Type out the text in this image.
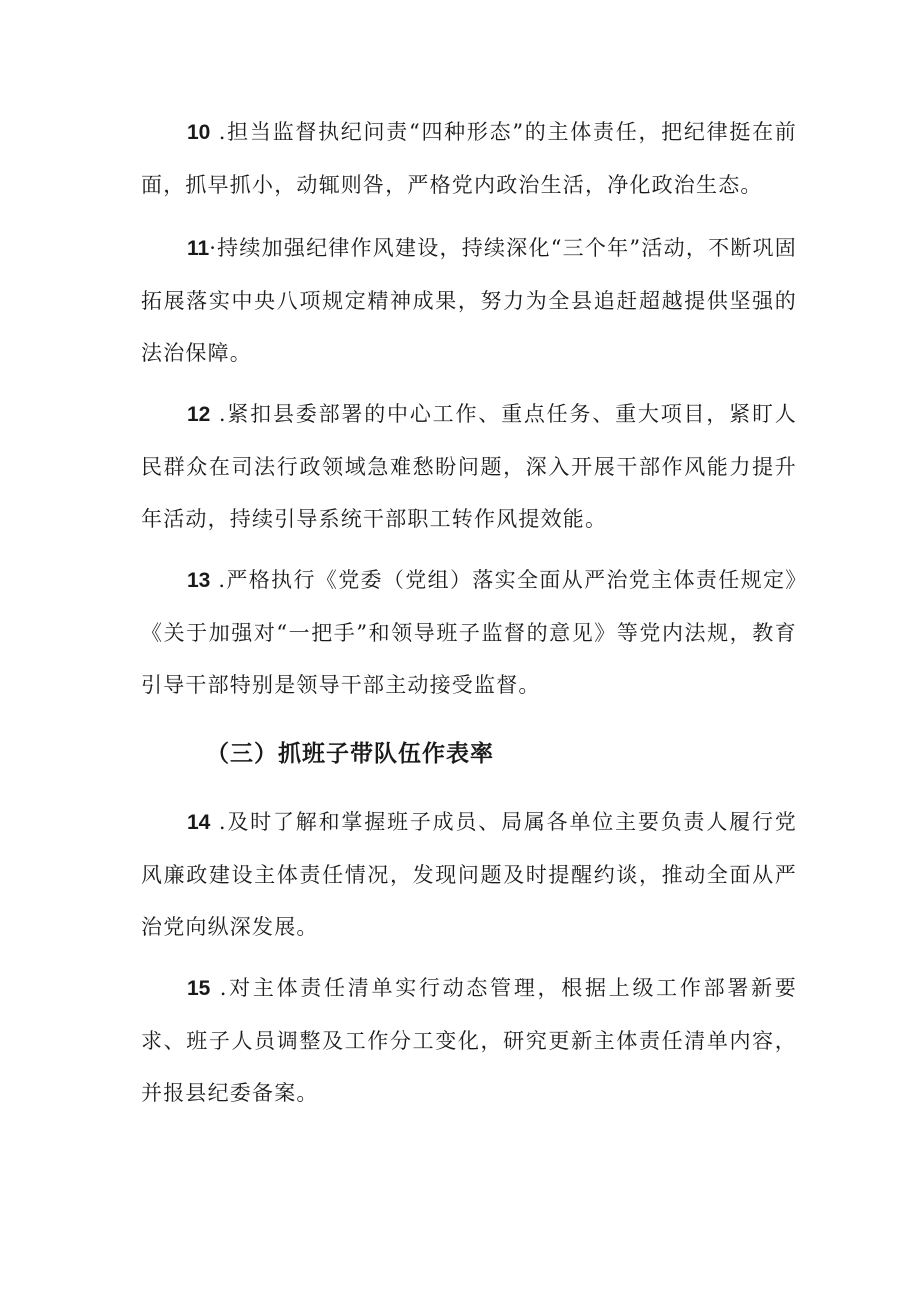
10 .担当监督执纪问责“四种形态”的主体责任，把纪律挺在前面，抓早抓小，动辄则咎，严格党内政治生活，净化政治生态。

11·持续加强纪律作风建设，持续深化“三个年”活动，不断巩固拓展落实中央八项规定精神成果，努力为全县追赶超越提供坚强的法治保障。

12 .紧扣县委部署的中心工作、重点任务、重大项目，紧盯人民群众在司法行政领域急难愁盼问题，深入开展干部作风能力提升年活动，持续引导系统干部职工转作风提效能。

13 .严格执行《党委（党组）落实全面从严治党主体责任规定》《关于加强对“一把手”和领导班子监督的意见》等党内法规，教育引导干部特别是领导干部主动接受监督。

（三）抓班子带队伍作表率

14 .及时了解和掌握班子成员、局属各单位主要负责人履行党风廉政建设主体责任情况，发现问题及时提醒约谈，推动全面从严治党向纵深发展。

15 .对主体责任清单实行动态管理，根据上级工作部署新要求、班子人员调整及工作分工变化，研究更新主体责任清单内容，并报县纪委备案。
